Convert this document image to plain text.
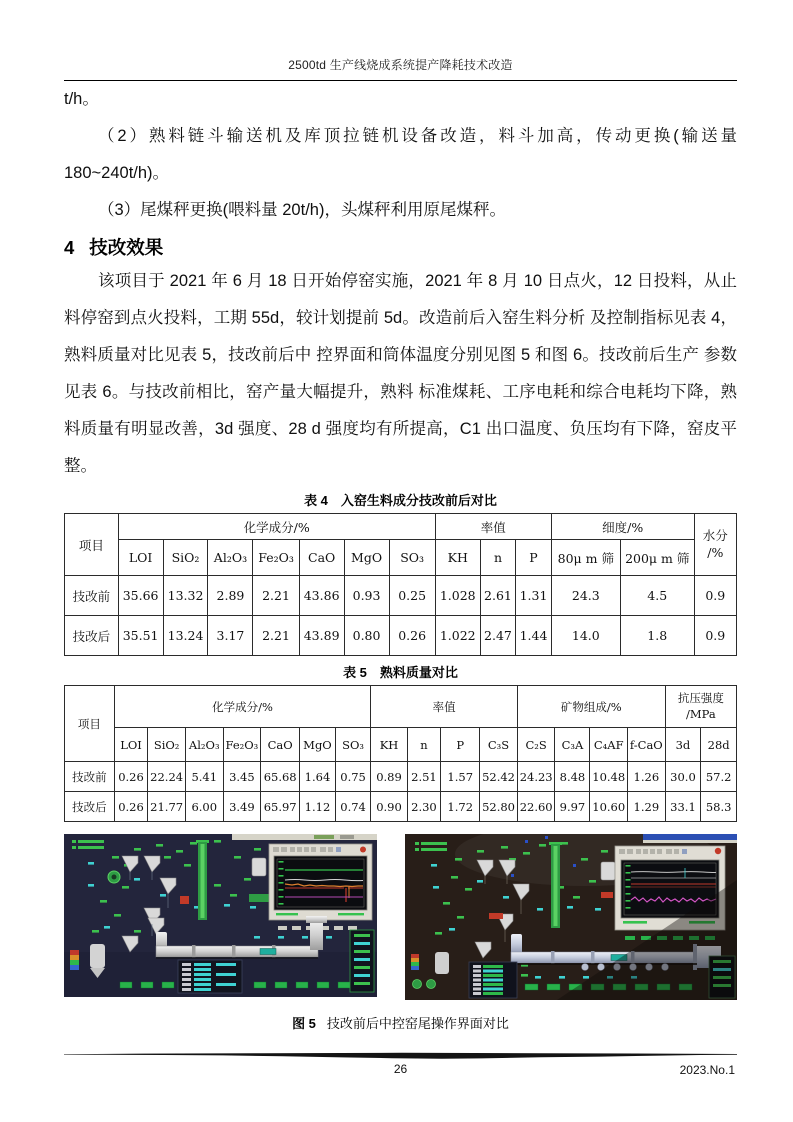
2500td 生产线烧成系统提产降耗技术改造

t/h。

（2）熟料链斗输送机及库顶拉链机设备改造，料斗加高，传动更换(输送量 180~240t/h)。

（3）尾煤秤更换(喂料量 20t/h)，头煤秤利用原尾煤秤。

4 技改效果

该项目于 2021 年 6 月 18 日开始停窑实施，2021 年 8 月 10 日点火，12 日投料，从止料停窑到点火投料，工期 55d，较计划提前 5d。改造前后入窑生料分析 及控制指标见表 4，熟料质量对比见表 5，技改前后中 控界面和筒体温度分别见图 5 和图 6。技改前后生产 参数见表 6。与技改前相比，窑产量大幅提升，熟料 标准煤耗、工序电耗和综合电耗均下降，熟料质量有明显改善，3d 强度、28 d 强度均有所提高，C1 出口温度、负压均有下降，窑皮平整。

表 4 入窑生料成分技改前后对比
项目	化学成分/%							率值			细度/%		水分
/%
	LOI	SiO₂	Al₂O₃	Fe₂O₃	CaO	MgO	SO₃	KH	n	P	80μ m 筛	200μ m 筛	
技改前	35.66	13.32	2.89	2.21	43.86	0.93	0.25	1.028	2.61	1.31	24.3	4.5	0.9
技改后	35.51	13.24	3.17	2.21	43.89	0.80	0.26	1.022	2.47	1.44	14.0	1.8	0.9
表 5 熟料质量对比
项目	化学成分/%							率值				矿物组成/%				抗压强度
/MPa	
	LOI	SiO₂	Al₂O₃	Fe₂O₃	CaO	MgO	SO₃	KH	n	P	C₃S	C₂S	C₃A	C₄AF	f-CaO	3d	28d
技改前	0.26	22.24	5.41	3.45	65.68	1.64	0.75	0.89	2.51	1.57	52.42	24.23	8.48	10.48	1.26	30.0	57.2
技改后	0.26	21.77	6.00	3.49	65.97	1.12	0.74	0.90	2.30	1.72	52.80	22.60	9.97	10.60	1.29	33.1	58.3
图 5 技改前后中控窑尾操作界面对比
26	2023.No.1
